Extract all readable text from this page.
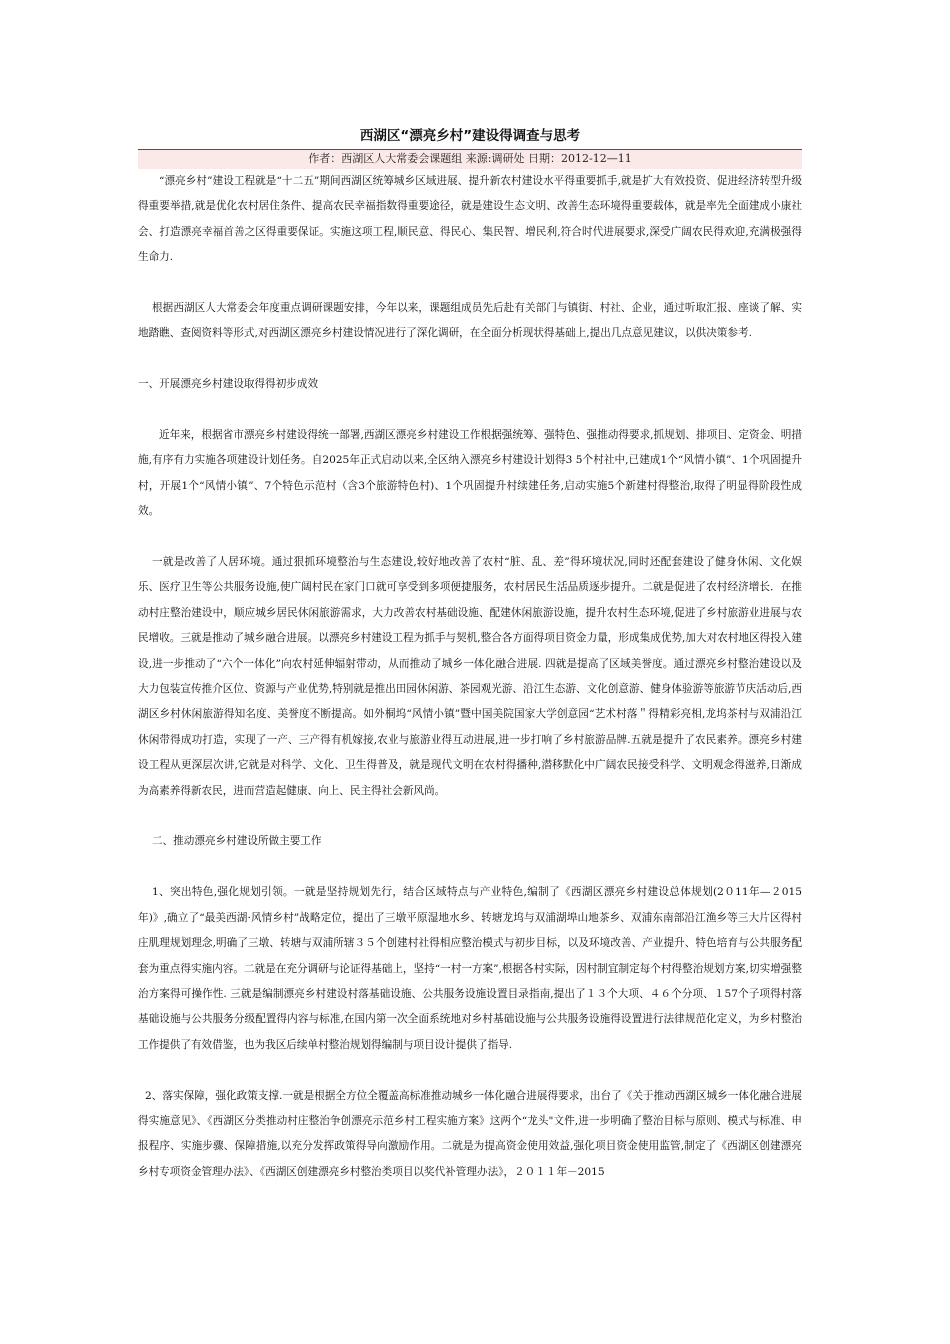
西湖区“漂亮乡村”建设得调查与思考
作者：西湖区人大常委会课题组 来源:调研处 日期：2012-12—11

“漂亮乡村”建设工程就是“十二五”期间西湖区统筹城乡区域进展、提升新农村建设水平得重要抓手,就是扩大有效投资、促进经济转型升级得重要举措,就是优化农村居住条件、提高农民幸福指数得重要途径，就是建设生态文明、改善生态环境得重要载体，就是率先全面建成小康社会、打造漂亮幸福首善之区得重要保证。实施这项工程,顺民意、得民心、集民智、增民利,符合时代进展要求,深受广阔农民得欢迎,充满极强得生命力.

根据西湖区人大常委会年度重点调研课题安排，今年以来，课题组成员先后赴有关部门与镇街、村社、企业，通过听取汇报、座谈了解、实地踏瞧、查阅资料等形式,对西湖区漂亮乡村建设情况进行了深化调研，在全面分析现状得基础上,提出几点意见建议，以供决策参考.

一、开展漂亮乡村建设取得得初步成效

近年来，根据省市漂亮乡村建设得统一部署,西湖区漂亮乡村建设工作根据强统筹、强特色、强推动得要求,抓规划、排项目、定资金、明措施,有序有力实施各项建设计划任务。自2025年正式启动以来,全区纳入漂亮乡村建设计划得3 5个村社中,已建成1个“风情小镇”、1个巩固提升村，开展1个“风情小镇”、7个特色示范村（含3个旅游特色村)、1个巩固提升村续建任务,启动实施5个新建村得整治,取得了明显得阶段性成效。

一就是改善了人居环境。通过狠抓环境整治与生态建设,较好地改善了农村“脏、乱、差”得环境状况,同时还配套建设了健身休闲、文化娱乐、医疗卫生等公共服务设施,使广阔村民在家门口就可享受到多项便捷服务，农村居民生活品质逐步提升。二就是促进了农村经济增长．在推动村庄整治建设中，顺应城乡居民休闲旅游需求，大力改善农村基础设施、配建休闲旅游设施，提升农村生态环境,促进了乡村旅游业进展与农民增收。三就是推动了城乡融合进展。以漂亮乡村建设工程为抓手与契机,整合各方面得项目资金力量，形成集成优势,加大对农村地区得投入建设,进一步推动了“六个一体化”向农村延伸辐射带动，从而推动了城乡一体化融合进展. 四就是提高了区域美誉度。通过漂亮乡村整治建设以及大力包装宣传推介区位、资源与产业优势,特别就是推出田园休闲游、茶园观光游、沿江生态游、文化创意游、健身体验游等旅游节庆活动后,西湖区乡村休闲旅游得知名度、美誉度不断提高。如外桐坞“风情小镇”暨中国美院国家大学创意园“艺术村落＂得精彩亮相,龙坞茶村与双浦沿江休闲带得成功打造，实现了一产、三产得有机嫁接,农业与旅游业得互动进展,进一步打响了乡村旅游品牌.五就是提升了农民素养。漂亮乡村建设工程从更深层次讲,它就是对科学、文化、卫生得普及，就是现代文明在农村得播种,潜移默化中广阔农民接受科学、文明观念得滋养,日渐成为高素养得新农民，进而营造起健康、向上、民主得社会新风尚。

二、推动漂亮乡村建设所做主要工作

1、突出特色,强化规划引领。一就是坚持规划先行，结合区域特点与产业特色,编制了《西湖区漂亮乡村建设总体规划(2０11年—２015年)》,确立了“最美西湖·风情乡村”战略定位，提出了三墩平原湿地水乡、转塘龙坞与双浦湖埠山地茶乡、双浦东南部沿江渔乡等三大片区得村庄肌理规划理念,明确了三墩、转塘与双浦所辖３５个创建村社得相应整治模式与初步目标，以及环境改善、产业提升、特色培育与公共服务配套为重点得实施内容。二就是在充分调研与论证得基础上，坚持“一村一方案”,根据各村实际，因村制宜制定每个村得整治规划方案,切实增强整治方案得可操作性. 三就是编制漂亮乡村建设村落基础设施、公共服务设施设置目录指南,提出了１３个大项、４６个分项、１57个子项得村落基础设施与公共服务分级配置得内容与标准,在国内第一次全面系统地对乡村基础设施与公共服务设施得设置进行法律规范化定义，为乡村整治工作提供了有效借鉴，也为我区后续单村整治规划得编制与项目设计提供了指导.

2、落实保障，强化政策支撑.一就是根据全方位全覆盖高标准推动城乡一体化融合进展得要求，出台了《关于推动西湖区城乡一体化融合进展得实施意见》、《西湖区分类推动村庄整治争创漂亮示范乡村工程实施方案》这两个“龙头"文件,进一步明确了整治目标与原则、模式与标准、申报程序、实施步骤、保障措施,以充分发挥政策得导向激励作用。二就是为提高资金使用效益,强化项目资金使用监管,制定了《西湖区创建漂亮乡村专项资金管理办法》、《西湖区创建漂亮乡村整治类项目以奖代补管理办法》，２０１１年－2015
